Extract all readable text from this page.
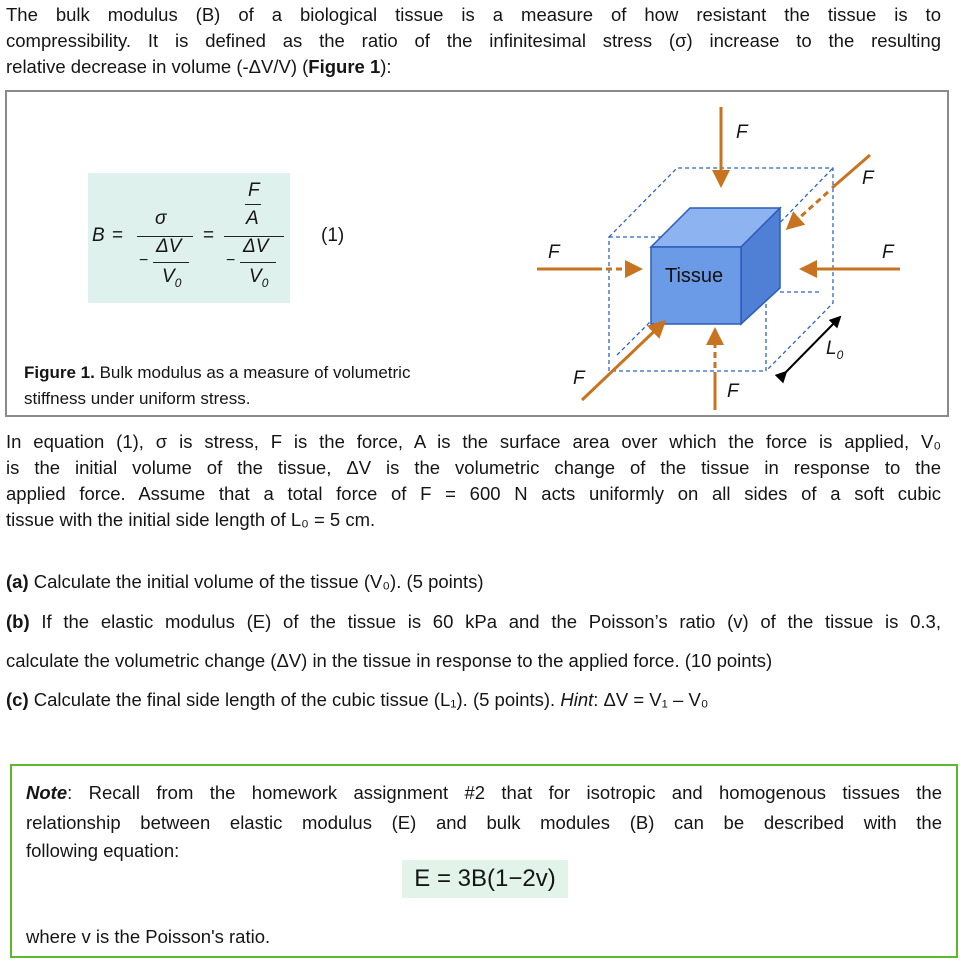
The bulk modulus (B) of a biological tissue is a measure of how resistant the tissue is to
compressibility. It is defined as the ratio of the infinitesimal stress (σ) increase to the resulting
relative decrease in volume (-ΔV/V) (Figure 1):
B =
σ
−
ΔV
$V_0$
=
F
A
−
ΔV
$V_0$
(1)
Figure 1. Bulk modulus as a measure of volumetric
stiffness under uniform stress.
F
F
F	F
F
F
Tissue
$L_0$
In equation (1), σ is stress, F is the force, A is the surface area over which the force is applied, V₀
is the initial volume of the tissue, ΔV is the volumetric change of the tissue in response to the
applied force. Assume that a total force of F = 600 N acts uniformly on all sides of a soft cubic
tissue with the initial side length of L₀ = 5 cm.
(a) Calculate the initial volume of the tissue (V₀). (5 points)
(b) If the elastic modulus (E) of the tissue is 60 kPa and the Poisson’s ratio (v) of the tissue is 0.3,
calculate the volumetric change (ΔV) in the tissue in response to the applied force. (10 points)
(c) Calculate the final side length of the cubic tissue (L₁). (5 points). Hint: ΔV = V₁ – V₀
Note: Recall from the homework assignment #2 that for isotropic and homogenous tissues the
relationship between elastic modulus (E) and bulk modules (B) can be described with the
following equation:
E = 3B(1−2v)
where v is the Poisson's ratio.
